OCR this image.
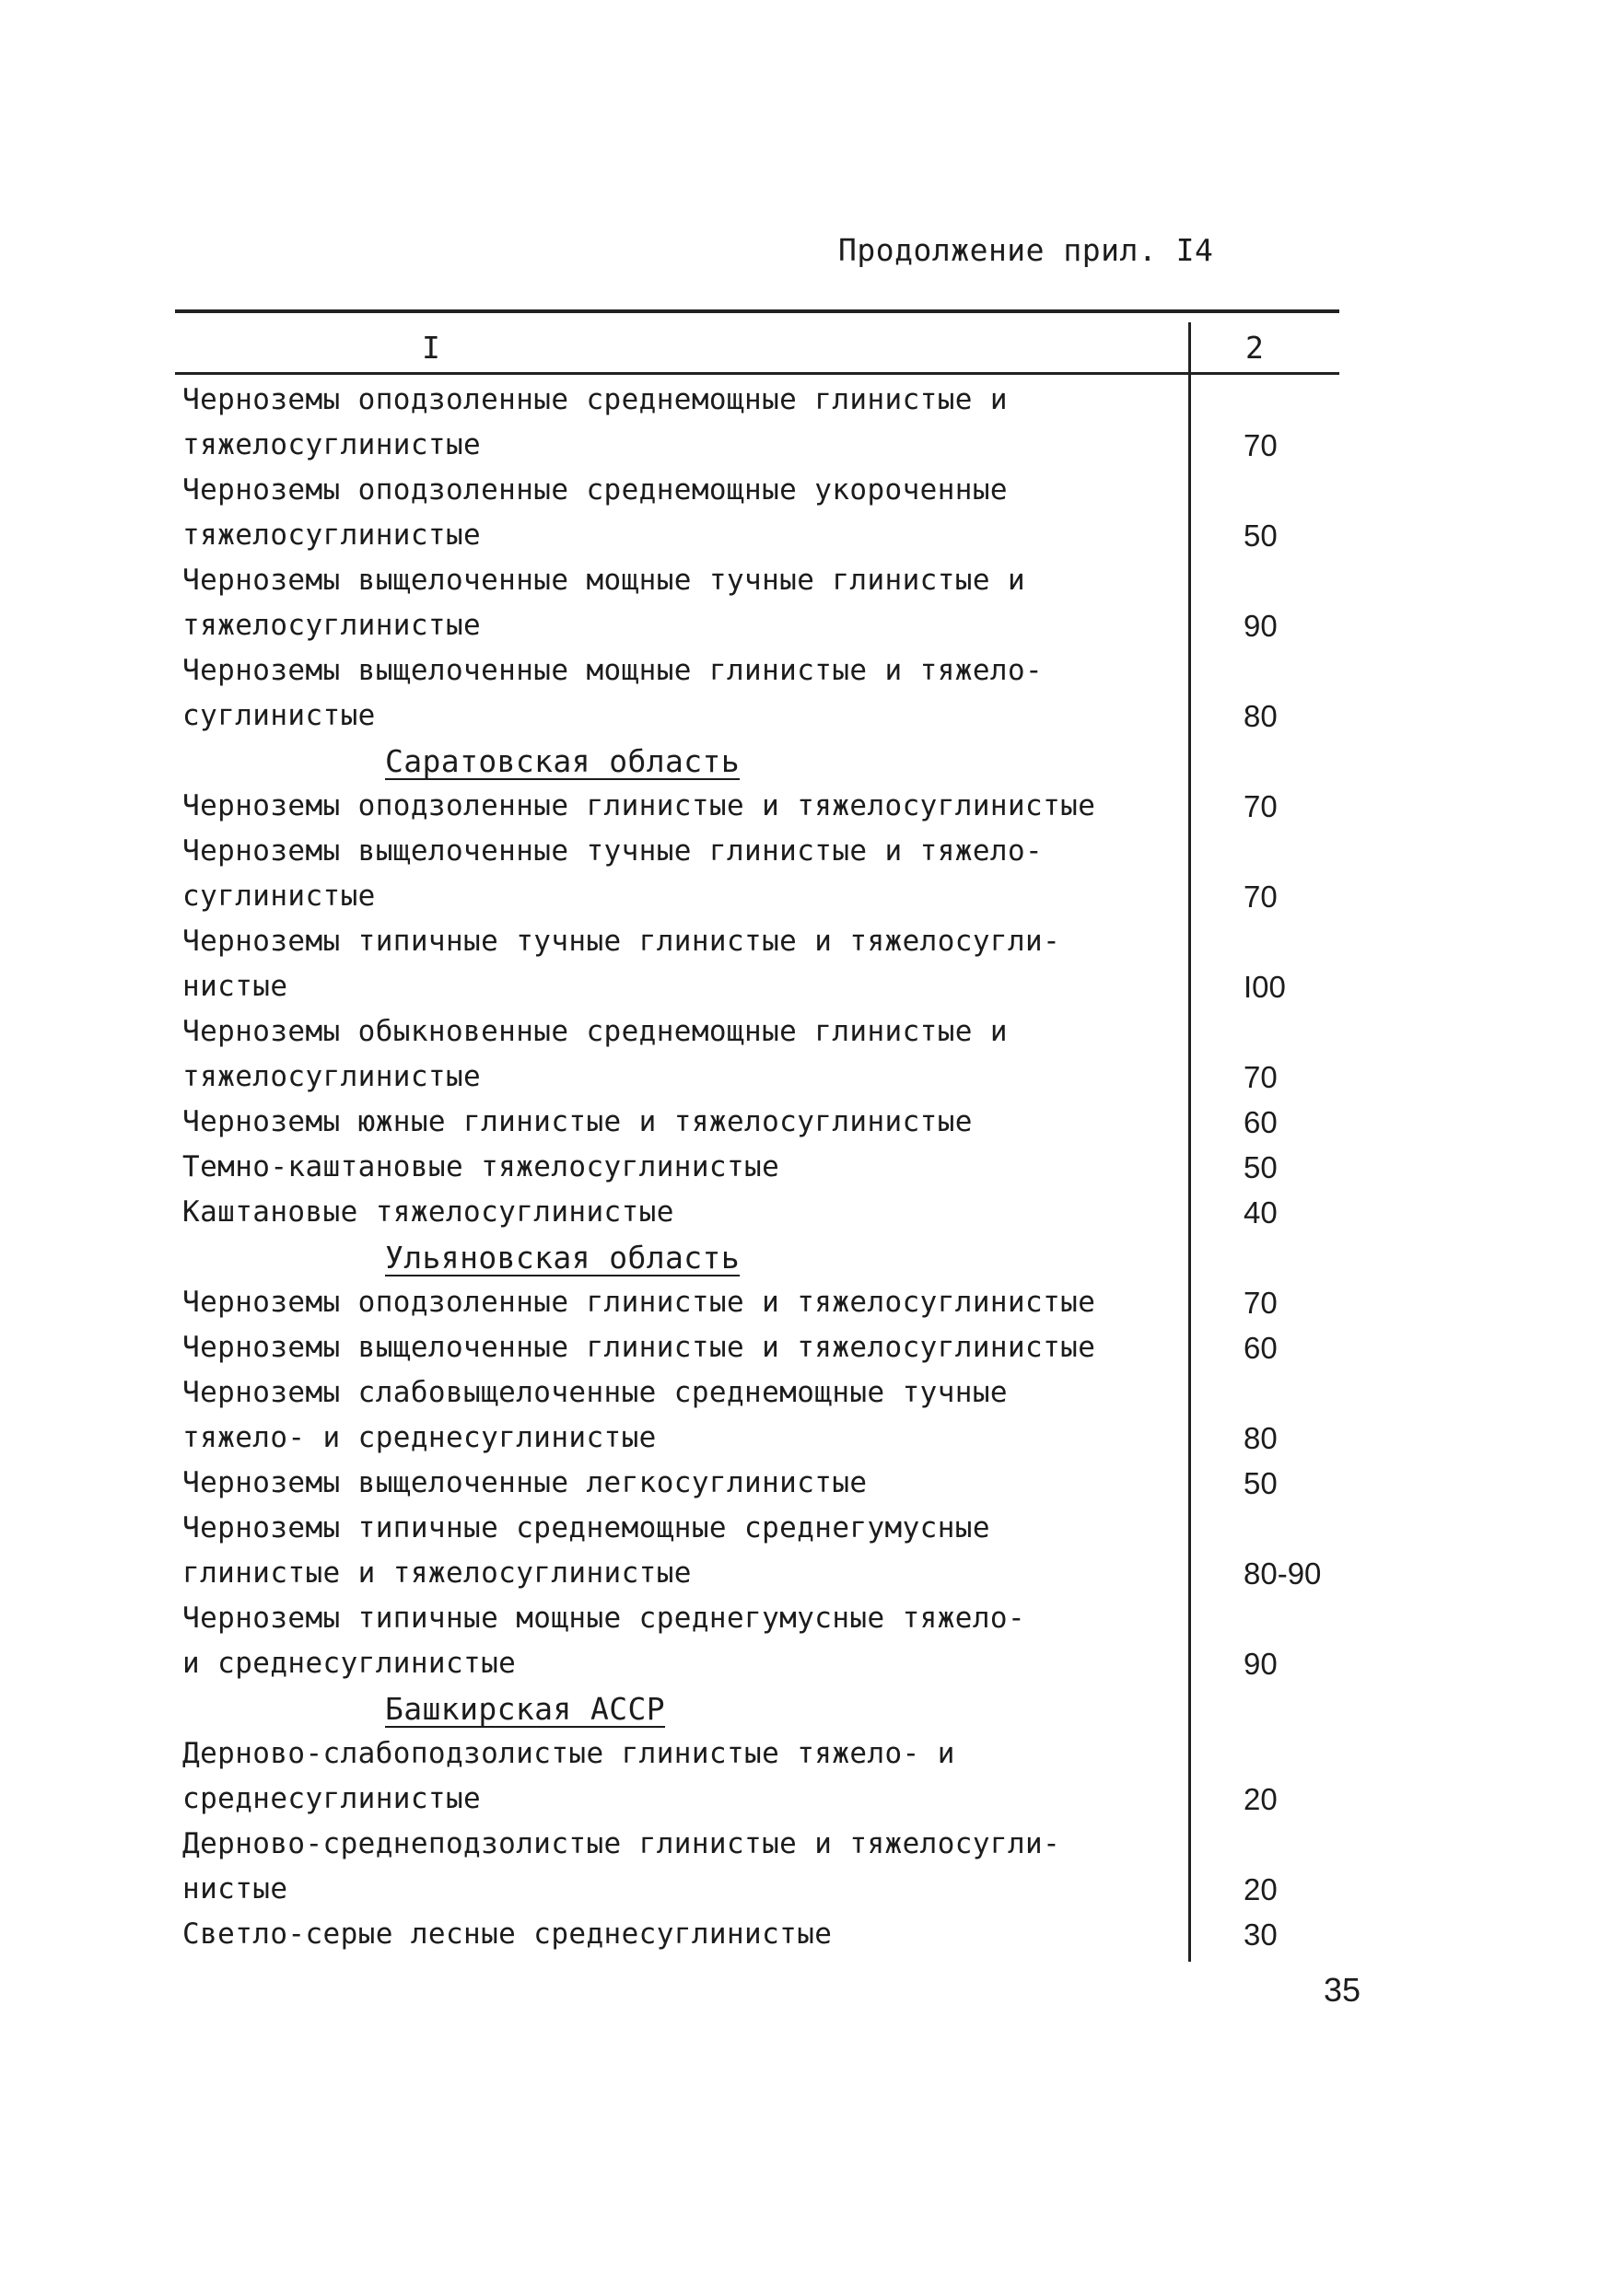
Продолжение прил. I4
I	2
Черноземы оподзоленные среднемощные глинистые и
тяжелосуглинистые	70
Черноземы оподзоленные среднемощные укороченные
тяжелосуглинистые	50
Черноземы выщелоченные мощные тучные глинистые и
тяжелосуглинистые	90
Черноземы выщелоченные мощные глинистые и тяжело-
суглинистые	80
Саратовская область
Черноземы оподзоленные глинистые и тяжелосуглинистые	70
Черноземы выщелоченные тучные глинистые и тяжело-
суглинистые	70
Черноземы типичные тучные глинистые и тяжелосугли-
нистые	I00
Черноземы обыкновенные среднемощные глинистые и
тяжелосуглинистые	70
Черноземы южные глинистые и тяжелосуглинистые	60
Темно-каштановые тяжелосуглинистые	50
Каштановые тяжелосуглинистые	40
Ульяновская область
Черноземы оподзоленные глинистые и тяжелосуглинистые	70
Черноземы выщелоченные глинистые и тяжелосуглинистые	60
Черноземы слабовыщелоченные среднемощные тучные
тяжело- и среднесуглинистые	80
Черноземы выщелоченные легкосуглинистые	50
Черноземы типичные среднемощные среднегумусные
глинистые и тяжелосуглинистые	80-90
Черноземы типичные мощные среднегумусные тяжело-
и среднесуглинистые	90
Башкирская АССР
Дерново-слабоподзолистые глинистые тяжело- и
среднесуглинистые	20
Дерново-среднеподзолистые глинистые и тяжелосугли-
нистые	20
Светло-серые лесные среднесуглинистые	30
35
